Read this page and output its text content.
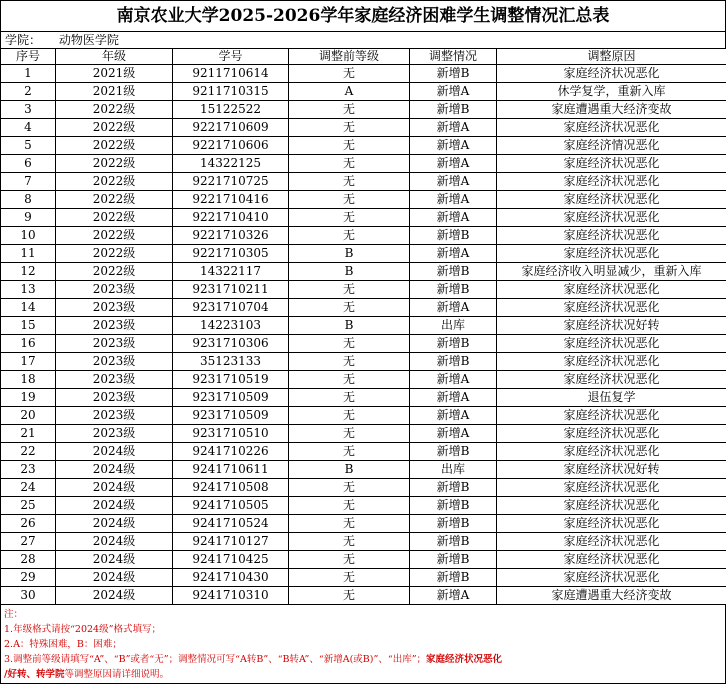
南京农业大学2025-2026学年家庭经济困难学生调整情况汇总表
学院： 动物医学院
序号	年级	学号	调整前等级	调整情况	调整原因
1	2021级	9211710614	无	新增B	家庭经济状况恶化
2	2021级	9211710315	A	新增A	休学复学，重新入库
3	2022级	15122522	无	新增B	家庭遭遇重大经济变故
4	2022级	9221710609	无	新增A	家庭经济状况恶化
5	2022级	9221710606	无	新增A	家庭经济情况恶化
6	2022级	14322125	无	新增A	家庭经济状况恶化
7	2022级	9221710725	无	新增A	家庭经济状况恶化
8	2022级	9221710416	无	新增A	家庭经济状况恶化
9	2022级	9221710410	无	新增A	家庭经济状况恶化
10	2022级	9221710326	无	新增B	家庭经济状况恶化
11	2022级	9221710305	B	新增A	家庭经济状况恶化
12	2022级	14322117	B	新增B	家庭经济收入明显减少，重新入库
13	2023级	9231710211	无	新增B	家庭经济状况恶化
14	2023级	9231710704	无	新增A	家庭经济状况恶化
15	2023级	14223103	B	出库	家庭经济状况好转
16	2023级	9231710306	无	新增B	家庭经济状况恶化
17	2023级	35123133	无	新增B	家庭经济状况恶化
18	2023级	9231710519	无	新增A	家庭经济状况恶化
19	2023级	9231710509	无	新增A	退伍复学
20	2023级	9231710509	无	新增A	家庭经济状况恶化
21	2023级	9231710510	无	新增A	家庭经济状况恶化
22	2024级	9241710226	无	新增B	家庭经济状况恶化
23	2024级	9241710611	B	出库	家庭经济状况好转
24	2024级	9241710508	无	新增B	家庭经济状况恶化
25	2024级	9241710505	无	新增B	家庭经济状况恶化
26	2024级	9241710524	无	新增B	家庭经济状况恶化
27	2024级	9241710127	无	新增B	家庭经济状况恶化
28	2024级	9241710425	无	新增B	家庭经济状况恶化
29	2024级	9241710430	无	新增B	家庭经济状况恶化
30	2024级	9241710310	无	新增A	家庭遭遇重大经济变故
注：
1.年级格式请按“2024级”格式填写；
2.A：特殊困难，B：困难；
3.调整前等级请填写“A”、“B”或者“无”；调整情况可写“A转B”、“B转A”、“新增A(或B)”、“出库”；家庭经济状况恶化
/好转、转学院等调整原因请详细说明。
